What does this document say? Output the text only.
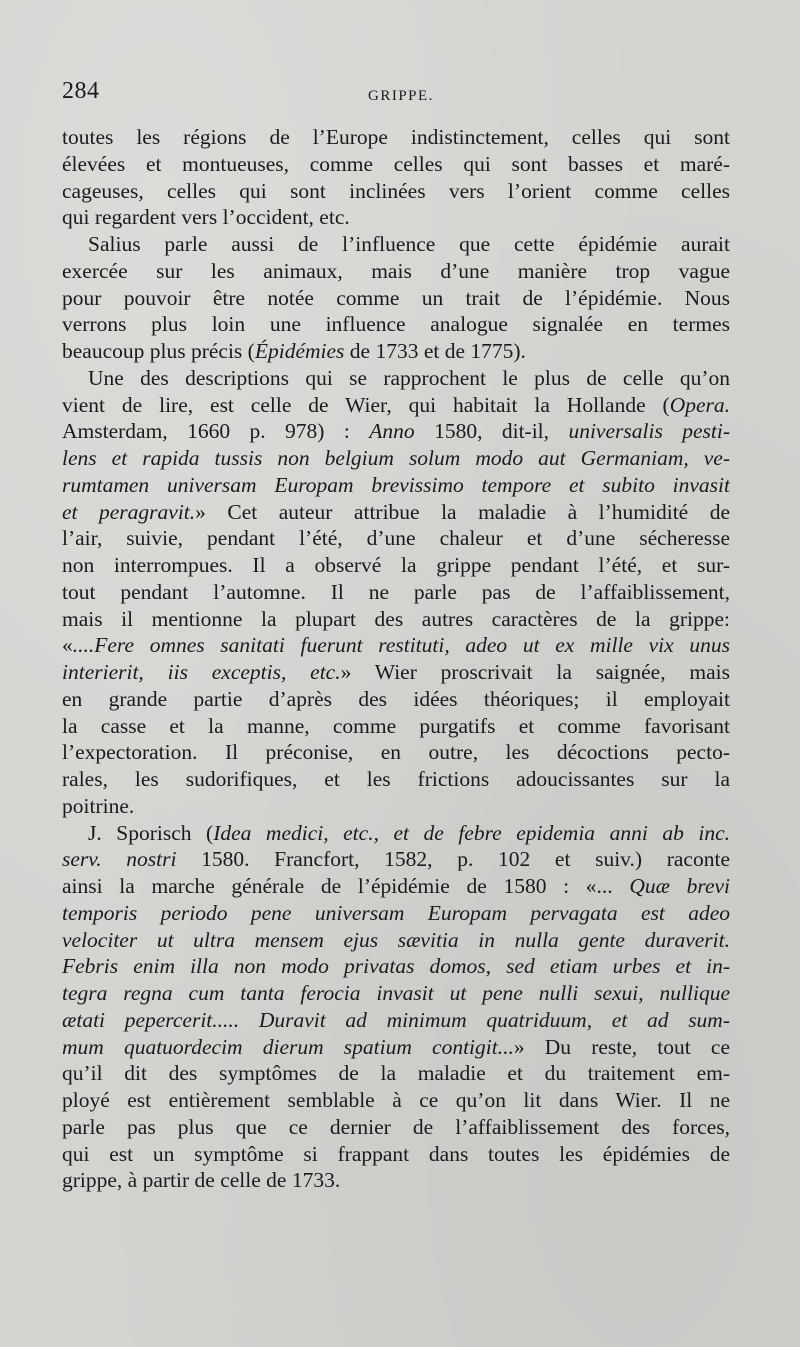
284	GRIPPE.
toutes les régions de l’Europe indistinctement, celles qui sont
élevées et montueuses, comme celles qui sont basses et maré-
cageuses, celles qui sont inclinées vers l’orient comme celles
qui regardent vers l’occident, etc.
Salius parle aussi de l’influence que cette épidémie aurait
exercée sur les animaux, mais d’une manière trop vague
pour pouvoir être notée comme un trait de l’épidémie. Nous
verrons plus loin une influence analogue signalée en termes
beaucoup plus précis (Épidémies de 1733 et de 1775).
Une des descriptions qui se rapprochent le plus de celle qu’on
vient de lire, est celle de Wier, qui habitait la Hollande (Opera.
Amsterdam, 1660 p. 978) : Anno 1580, dit-il, universalis pesti-
lens et rapida tussis non belgium solum modo aut Germaniam, ve-
rumtamen universam Europam brevissimo tempore et subito invasit
et peragravit.» Cet auteur attribue la maladie à l’humidité de
l’air, suivie, pendant l’été, d’une chaleur et d’une sécheresse
non interrompues. Il a observé la grippe pendant l’été, et sur-
tout pendant l’automne. Il ne parle pas de l’affaiblissement,
mais il mentionne la plupart des autres caractères de la grippe:
«....Fere omnes sanitati fuerunt restituti, adeo ut ex mille vix unus
interierit, iis exceptis, etc.» Wier proscrivait la saignée, mais
en grande partie d’après des idées théoriques; il employait
la casse et la manne, comme purgatifs et comme favorisant
l’expectoration. Il préconise, en outre, les décoctions pecto-
rales, les sudorifiques, et les frictions adoucissantes sur la
poitrine.
J. Sporisch (Idea medici, etc., et de febre epidemia anni ab inc.
serv. nostri 1580. Francfort, 1582, p. 102 et suiv.) raconte
ainsi la marche générale de l’épidémie de 1580 : «... Quæ brevi
temporis periodo pene universam Europam pervagata est adeo
velociter ut ultra mensem ejus sævitia in nulla gente duraverit.
Febris enim illa non modo privatas domos, sed etiam urbes et in-
tegra regna cum tanta ferocia invasit ut pene nulli sexui, nullique
ætati pepercerit..... Duravit ad minimum quatriduum, et ad sum-
mum quatuordecim dierum spatium contigit...» Du reste, tout ce
qu’il dit des symptômes de la maladie et du traitement em-
ployé est entièrement semblable à ce qu’on lit dans Wier. Il ne
parle pas plus que ce dernier de l’affaiblissement des forces,
qui est un symptôme si frappant dans toutes les épidémies de
grippe, à partir de celle de 1733.
